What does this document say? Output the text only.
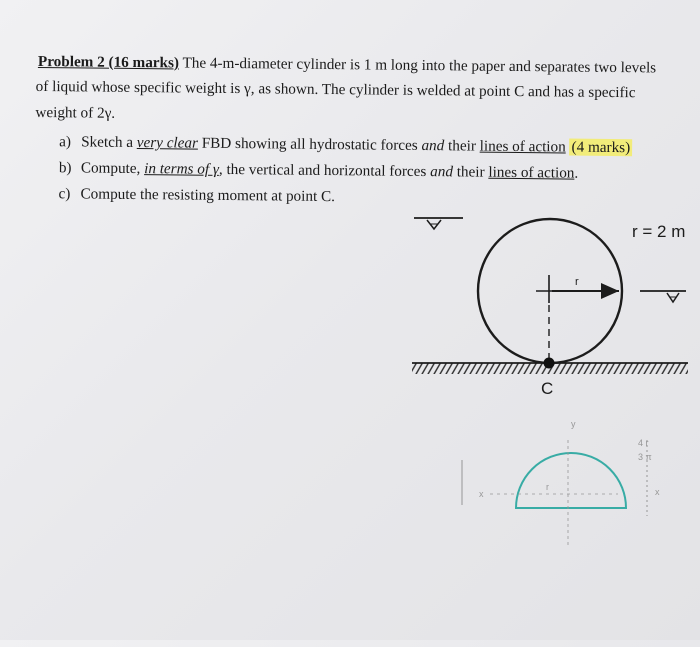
Problem 2 (16 marks) The 4-m-diameter cylinder is 1 m long into the paper and separates two levels
of liquid whose specific weight is γ, as shown. The cylinder is welded at point C and has a specific
weight of 2γ.
a) Sketch a very clear FBD showing all hydrostatic forces and their lines of action (4 marks)
b) Compute, in terms of γ, the vertical and horizontal forces and their lines of action.
c) Compute the resisting moment at point C.
r
r = 2 m
C
y
x
r
4 r
3 π
x
